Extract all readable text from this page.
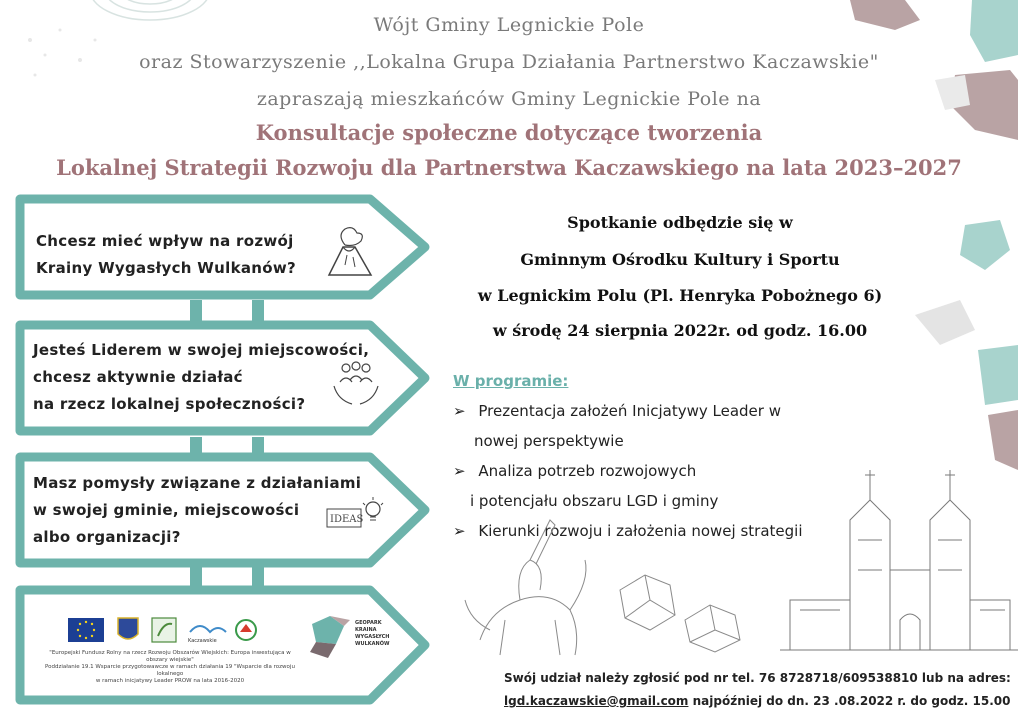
Wójt Gminy Legnickie Pole
oraz Stowarzyszenie ,,Lokalna Grupa Działania Partnerstwo Kaczawskie"
zapraszają mieszkańców Gminy Legnickie Pole na
Konsultacje społeczne dotyczące tworzenia
Lokalnej Strategii Rozwoju dla Partnerstwa Kaczawskiego na lata 2023–2027
Chcesz mieć wpływ na rozwój
Krainy Wygasłych Wulkanów?
Jesteś Liderem w swojej miejscowości,
chcesz aktywnie działać
na rzecz lokalnej społeczności?
Masz pomysły związane z działaniami
w swojej gminie, miejscowości
albo organizacji?
IDEAS
Kaczawskie
GEOPARK
KRAINA
WYGASŁYCH
WULKANÓW
"Europejski Fundusz Rolny na rzecz Rozwoju Obszarów Wiejskich: Europa inwestująca w obszary wiejskie"
Poddziałanie 19.1 Wsparcie przygotowawcze w ramach działania 19 "Wsparcie dla rozwoju lokalnego
w ramach inicjatywy Leader PROW na lata 2016-2020
Spotkanie odbędzie się w
Gminnym Ośrodku Kultury i Sportu
w Legnickim Polu (Pl. Henryka Pobożnego 6)
w środę 24 sierpnia 2022r. od godz. 16.00
W programie:
➢ Prezentacja założeń Inicjatywy Leader w
nowej perspektywie
➢ Analiza potrzeb rozwojowych
i potencjału obszaru LGD i gminy
➢ Kierunki rozwoju i założenia nowej strategii
Swój udział należy zgłosić pod nr tel. 76 8728718/609538810 lub na adres:
lgd.kaczawskie@gmail.com najpóźniej do dn. 23 .08.2022 r. do godz. 15.00
